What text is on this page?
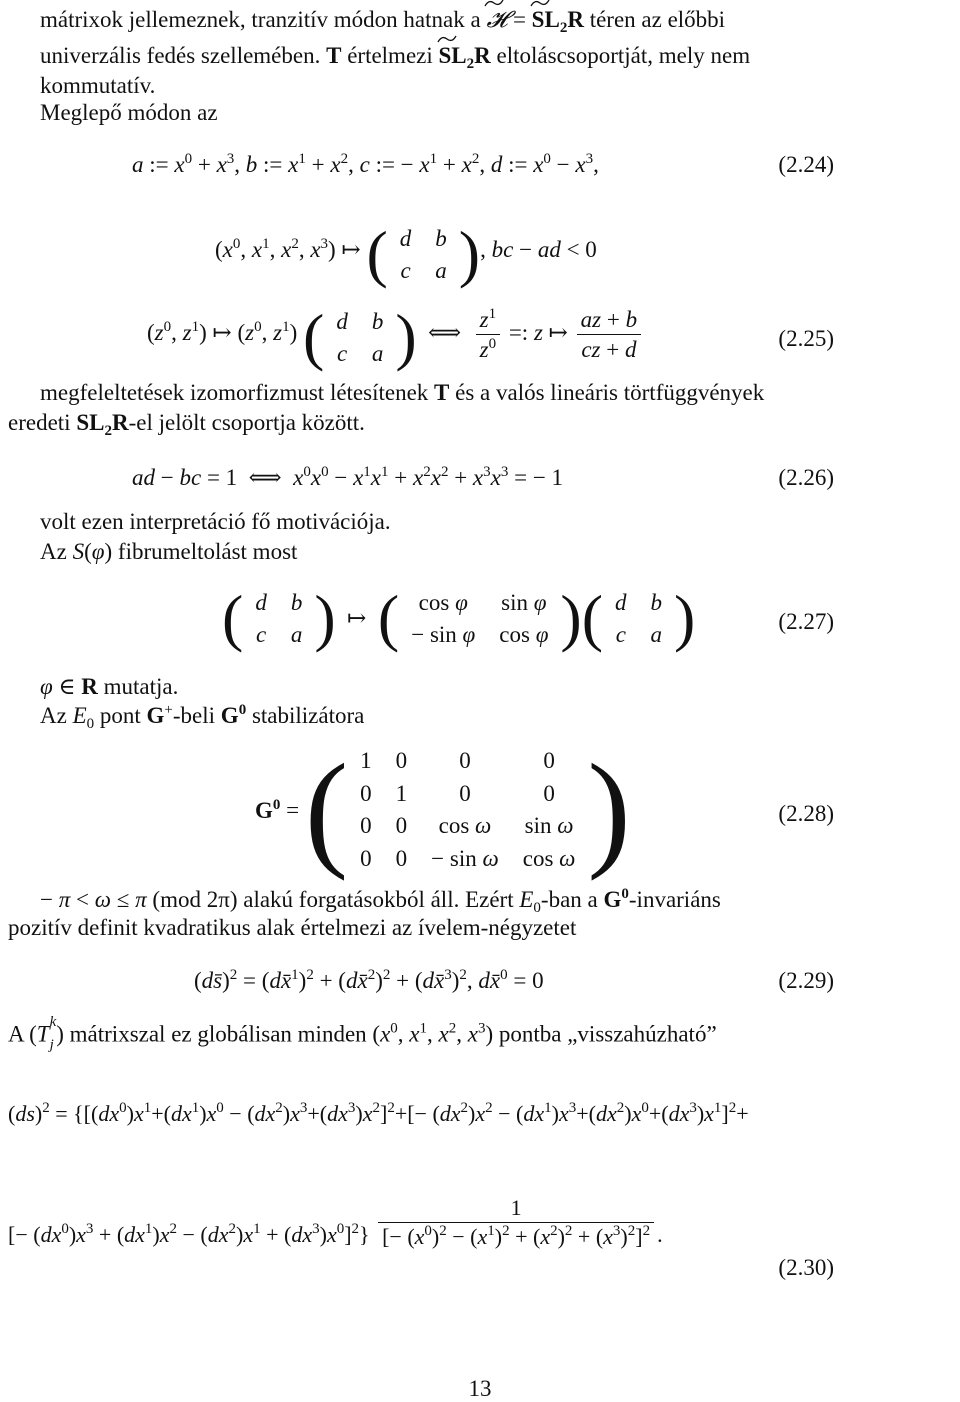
mátrixok jellemeznek, tranzitív módon hatnak a 𝓗 =
$SL_2R$ téren az előbbi
univerzális fedés szellemében. T értelmezi $SL_2R$ eltoláscsoportját, mely nem
kommutatív.
Meglepő módon az
a := $x^0 + x^3$, b := $x^1 + x^2$, c := − $x^1 + x^2$, d := $x^0 - x^3$,	(2.24)
($x^0$, $x^1$, $x^2$, $x^3$) ↦ ( d	b
c	a ) , bc − ad < 0
($z^0$, $z^1$) ↦ ($z^0$, $z^1$) ( d	b
c	a ) ⟺ $\frac{z^1}{z^0}$ =: z ↦ $\frac{az + b}{cz + d}$	(2.25)
megfeleltetések izomorfizmust létesítenek T és a valós lineáris törtfüggvények
eredeti $SL_2R-el$ jelölt csoportja között.
ad − bc = 1  ⟺  $x^0x^0 - x^1x^1 + x^2x^2 + x^3x^3$ = − 1	(2.26)
volt ezen interpretáció fő motivációja.
Az S(φ) fibrumeltolást most
( d	b
c	a ) ↦ ( cos φ	sin φ
− sin φ	cos φ ) ( d	b
c	a )	(2.27)
φ ∈ R mutatja.
Az $E_0$ pont G+-beli $G^0$ stabilizátora
$G^0$ = ( 1	0	0	0
0	1	0	0
0	0	cos ω	sin ω
0	0	− sin ω	cos ω )	(2.28)
− π < ω ≤ π (mod 2π) alakú forgatásokból áll. Ezért $E_0$-ban a $G^0$-invariáns
pozitív definit kvadratikus alak értelmezi az ívelem-négyzetet
(ds̄)$^2$ = (dx̄$^1$)$^2$ + (dx̄$^2$)$^2$ + (dx̄$^3$)$^2$, dx̄$^0$ = 0	(2.29)
A (T k
j ) mátrixszal ez globálisan minden ($x^0$, $x^1$, $x^2$, $x^3$) pontba „visszahúzható”
$(ds)^2 = \{[(dx^0)x^1+(dx^1)x^0 - (dx^2)x^3+(dx^3)x^2]^2+[- (dx^2)x^2 - (dx^1)x^3+(dx^2)x^0+(dx^3)x^1]^2+$
[− $(dx^0)x^3 + (dx^1)x^2 - (dx^2)x^1 + (dx^3)x^0]^2\} \frac{1}{[- (x^0)^2 - (x^1)^2 + (x^2)^2 + (x^3)^2]^2}$ .
(2.30)
13
